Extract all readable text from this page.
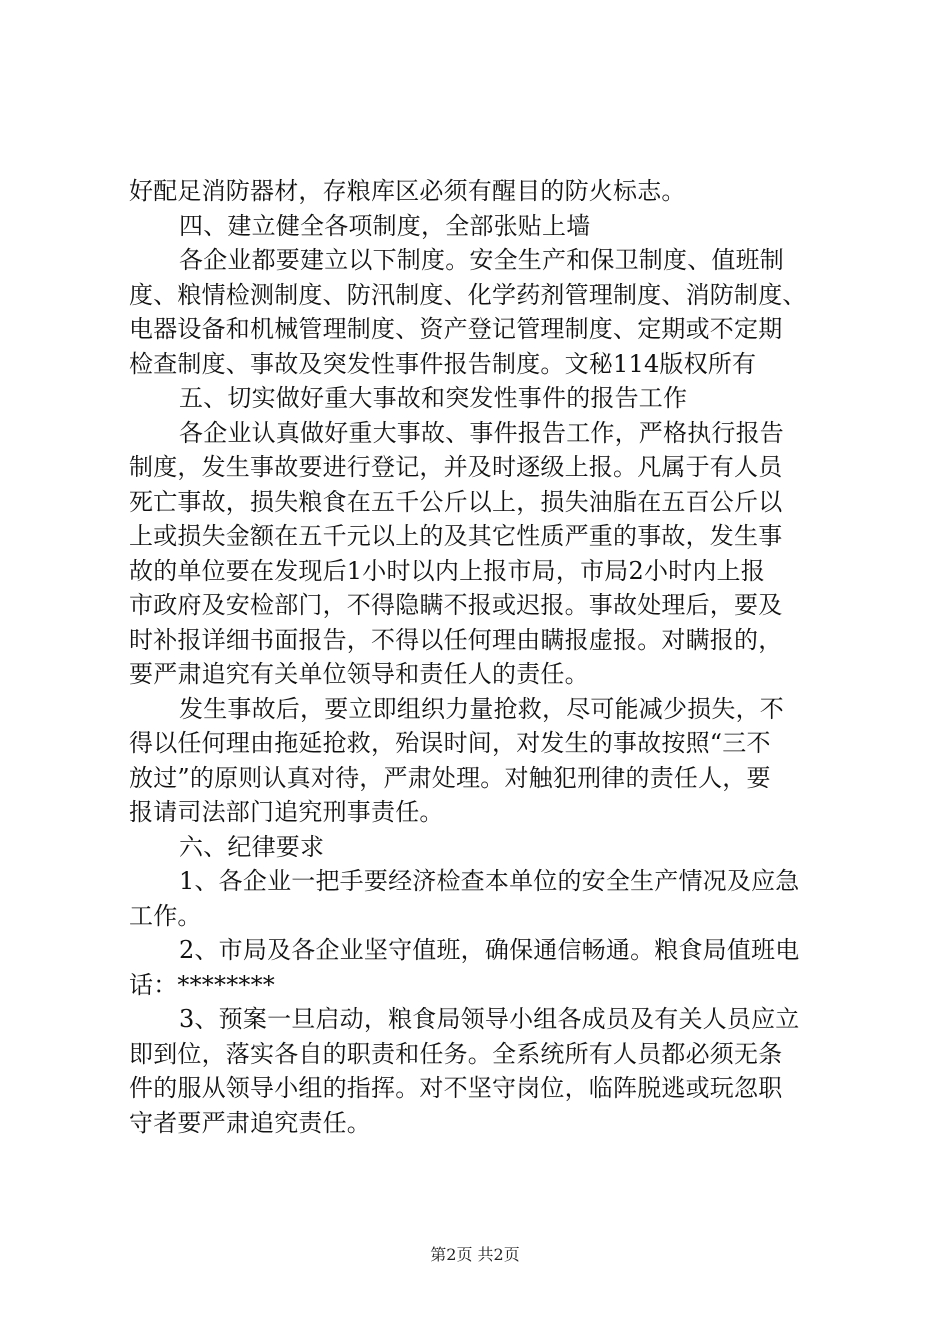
好配足消防器材，存粮库区必须有醒目的防火标志。
四、建立健全各项制度，全部张贴上墙
各企业都要建立以下制度。安全生产和保卫制度、值班制
度、粮情检测制度、防汛制度、化学药剂管理制度、消防制度、
电器设备和机械管理制度、资产登记管理制度、定期或不定期
检查制度、事故及突发性事件报告制度。文秘114版权所有
五、切实做好重大事故和突发性事件的报告工作
各企业认真做好重大事故、事件报告工作，严格执行报告
制度，发生事故要进行登记，并及时逐级上报。凡属于有人员
死亡事故，损失粮食在五千公斤以上，损失油脂在五百公斤以
上或损失金额在五千元以上的及其它性质严重的事故，发生事
故的单位要在发现后1小时以内上报市局，市局2小时内上报
市政府及安检部门，不得隐瞒不报或迟报。事故处理后，要及
时补报详细书面报告，不得以任何理由瞒报虚报。对瞒报的，
要严肃追究有关单位领导和责任人的责任。
发生事故后，要立即组织力量抢救，尽可能减少损失，不
得以任何理由拖延抢救，殆误时间，对发生的事故按照“三不
放过”的原则认真对待，严肃处理。对触犯刑律的责任人，要
报请司法部门追究刑事责任。
六、纪律要求
1、各企业一把手要经济检查本单位的安全生产情况及应急
工作。
2、市局及各企业坚守值班，确保通信畅通。粮食局值班电
话：********
3、预案一旦启动，粮食局领导小组各成员及有关人员应立
即到位，落实各自的职责和任务。全系统所有人员都必须无条
件的服从领导小组的指挥。对不坚守岗位，临阵脱逃或玩忽职
守者要严肃追究责任。
第2页 共2页
